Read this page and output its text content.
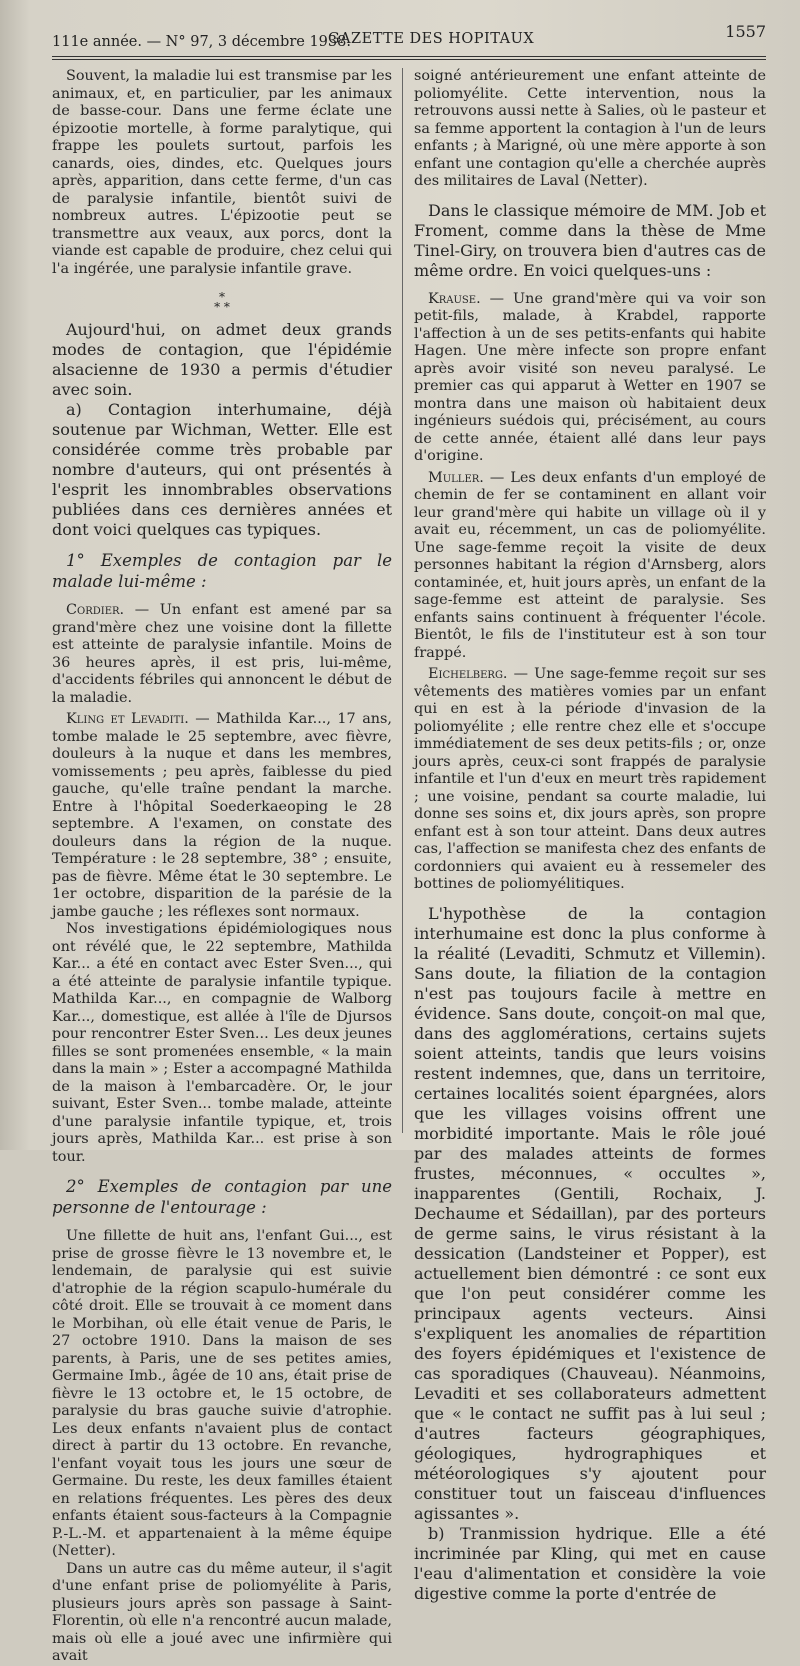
111e année. — N° 97, 3 décembre 1938.
GAZETTE DES HOPITAUX	1557

Souvent, la maladie lui est transmise par les animaux, et, en particulier, par les animaux de basse-cour. Dans une ferme éclate une épizootie mortelle, à forme paralytique, qui frappe les poulets surtout, parfois les canards, oies, dindes, etc. Quelques jours après, apparition, dans cette ferme, d'un cas de paralysie infantile, bientôt suivi de nombreux autres. L'épizootie peut se transmettre aux veaux, aux porcs, dont la viande est capable de produire, chez celui qui l'a ingérée, une paralysie infantile grave.

*
* *

Aujourd'hui, on admet deux grands modes de contagion, que l'épidémie alsacienne de 1930 a permis d'étudier avec soin.

a) Contagion interhumaine, déjà soutenue par Wichman, Wetter. Elle est considérée comme très probable par nombre d'auteurs, qui ont présentés à l'esprit les innombrables observations publiées dans ces dernières années et dont voici quelques cas typiques.

1° Exemples de contagion par le malade lui-même :

Cordier. — Un enfant est amené par sa grand'mère chez une voisine dont la fillette est atteinte de paralysie infantile. Moins de 36 heures après, il est pris, lui-même, d'accidents fébriles qui annoncent le début de la maladie.

Kling et Levaditi. — Mathilda Kar..., 17 ans, tombe malade le 25 septembre, avec fièvre, douleurs à la nuque et dans les membres, vomissements ; peu après, faiblesse du pied gauche, qu'elle traîne pendant la marche. Entre à l'hôpital Soederkaeoping le 28 septembre. A l'examen, on constate des douleurs dans la région de la nuque. Température : le 28 septembre, 38° ; ensuite, pas de fièvre. Même état le 30 septembre. Le 1er octobre, disparition de la parésie de la jambe gauche ; les réflexes sont normaux.

Nos investigations épidémiologiques nous ont révélé que, le 22 septembre, Mathilda Kar... a été en contact avec Ester Sven..., qui a été atteinte de paralysie infantile typique. Mathilda Kar..., en compagnie de Walborg Kar..., domestique, est allée à l'île de Djursos pour rencontrer Ester Sven... Les deux jeunes filles se sont promenées ensemble, « la main dans la main » ; Ester a accompagné Mathilda de la maison à l'embarcadère. Or, le jour suivant, Ester Sven... tombe malade, atteinte d'une paralysie infantile typique, et, trois jours après, Mathilda Kar... est prise à son tour.

2° Exemples de contagion par une personne de l'entourage :

Une fillette de huit ans, l'enfant Gui..., est prise de grosse fièvre le 13 novembre et, le lendemain, de paralysie qui est suivie d'atrophie de la région scapulo-humérale du côté droit. Elle se trouvait à ce moment dans le Morbihan, où elle était venue de Paris, le 27 octobre 1910. Dans la maison de ses parents, à Paris, une de ses petites amies, Germaine Imb., âgée de 10 ans, était prise de fièvre le 13 octobre et, le 15 octobre, de paralysie du bras gauche suivie d'atrophie. Les deux enfants n'avaient plus de contact direct à partir du 13 octobre. En revanche, l'enfant voyait tous les jours une sœur de Germaine. Du reste, les deux familles étaient en relations fréquentes. Les pères des deux enfants étaient sous-facteurs à la Compagnie P.-L.-M. et appartenaient à la même équipe (Netter).

Dans un autre cas du même auteur, il s'agit d'une enfant prise de poliomyélite à Paris, plusieurs jours après son passage à Saint-Florentin, où elle n'a rencontré aucun malade, mais où elle a joué avec une infirmière qui avait

soigné antérieurement une enfant atteinte de poliomyélite. Cette intervention, nous la retrouvons aussi nette à Salies, où le pasteur et sa femme apportent la contagion à l'un de leurs enfants ; à Marigné, où une mère apporte à son enfant une contagion qu'elle a cherchée auprès des militaires de Laval (Netter).

Dans le classique mémoire de MM. Job et Froment, comme dans la thèse de Mme Tinel-Giry, on trouvera bien d'autres cas de même ordre. En voici quelques-uns :

Krause. — Une grand'mère qui va voir son petit-fils, malade, à Krabdel, rapporte l'affection à un de ses petits-enfants qui habite Hagen. Une mère infecte son propre enfant après avoir visité son neveu paralysé. Le premier cas qui apparut à Wetter en 1907 se montra dans une maison où habitaient deux ingénieurs suédois qui, précisément, au cours de cette année, étaient allé dans leur pays d'origine.

Muller. — Les deux enfants d'un employé de chemin de fer se contaminent en allant voir leur grand'mère qui habite un village où il y avait eu, récemment, un cas de poliomyélite. Une sage-femme reçoit la visite de deux personnes habitant la région d'Arnsberg, alors contaminée, et, huit jours après, un enfant de la sage-femme est atteint de paralysie. Ses enfants sains continuent à fréquenter l'école. Bientôt, le fils de l'instituteur est à son tour frappé.

Eichelberg. — Une sage-femme reçoit sur ses vêtements des matières vomies par un enfant qui en est à la période d'invasion de la poliomyélite ; elle rentre chez elle et s'occupe immédiatement de ses deux petits-fils ; or, onze jours après, ceux-ci sont frappés de paralysie infantile et l'un d'eux en meurt très rapidement ; une voisine, pendant sa courte maladie, lui donne ses soins et, dix jours après, son propre enfant est à son tour atteint. Dans deux autres cas, l'affection se manifesta chez des enfants de cordonniers qui avaient eu à ressemeler des bottines de poliomyélitiques.

L'hypothèse de la contagion interhumaine est donc la plus conforme à la réalité (Levaditi, Schmutz et Villemin). Sans doute, la filiation de la contagion n'est pas toujours facile à mettre en évidence. Sans doute, conçoit-on mal que, dans des agglomérations, certains sujets soient atteints, tandis que leurs voisins restent indemnes, que, dans un territoire, certaines localités soient épargnées, alors que les villages voisins offrent une morbidité importante. Mais le rôle joué par des malades atteints de formes frustes, méconnues, « occultes », inapparentes (Gentili, Rochaix, J. Dechaume et Sédaillan), par des porteurs de germe sains, le virus résistant à la dessication (Landsteiner et Popper), est actuellement bien démontré : ce sont eux que l'on peut considérer comme les principaux agents vecteurs. Ainsi s'expliquent les anomalies de répartition des foyers épidémiques et l'existence de cas sporadiques (Chauveau). Néanmoins, Levaditi et ses collaborateurs admettent que « le contact ne suffit pas à lui seul ; d'autres facteurs géographiques, géologiques, hydrographiques et météorologiques s'y ajoutent pour constituer tout un faisceau d'influences agissantes ».

b) Tranmission hydrique. Elle a été incriminée par Kling, qui met en cause l'eau d'alimentation et considère la voie digestive comme la porte d'entrée de
